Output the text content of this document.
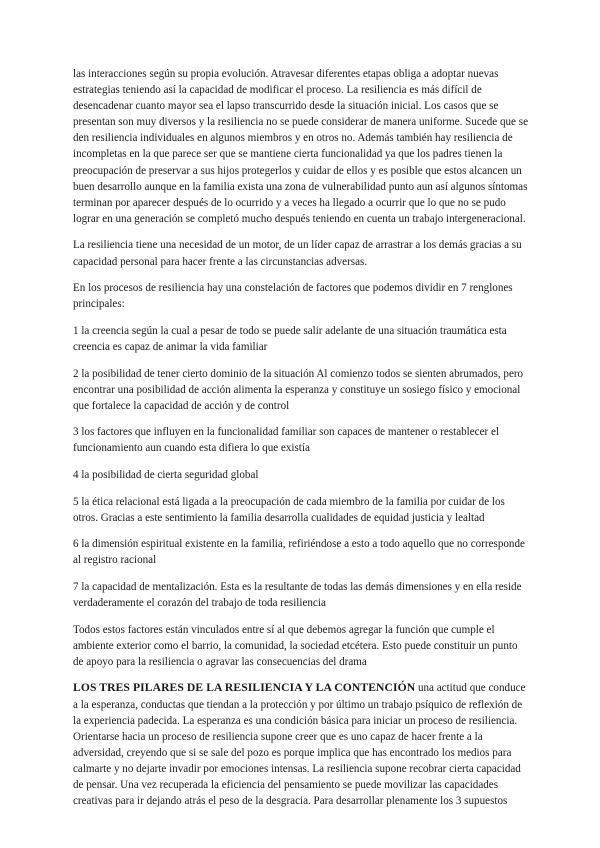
las interacciones según su propia evolución. Atravesar diferentes etapas obliga a adoptar nuevas estrategias teniendo así la capacidad de modificar el proceso. La resiliencia es más difícil de desencadenar cuanto mayor sea el lapso transcurrido desde la situación inicial. Los casos que se presentan son muy diversos y la resiliencia no se puede considerar de manera uniforme. Sucede que se den resiliencia individuales en algunos miembros y en otros no. Además también hay resiliencia de incompletas en la que parece ser que se mantiene cierta funcionalidad ya que los padres tienen la preocupación de preservar a sus hijos protegerlos y cuidar de ellos y es posible que estos alcancen un buen desarrollo aunque en la familia exista una zona de vulnerabilidad punto aun así algunos síntomas terminan por aparecer después de lo ocurrido y a veces ha llegado a ocurrir que lo que no se pudo lograr en una generación se completó mucho después teniendo en cuenta un trabajo intergeneracional.

La resiliencia tiene una necesidad de un motor, de un líder capaz de arrastrar a los demás gracias a su capacidad personal para hacer frente a las circunstancias adversas.

En los procesos de resiliencia hay una constelación de factores que podemos dividir en 7 renglones principales:

1 la creencia según la cual a pesar de todo se puede salir adelante de una situación traumática esta creencia es capaz de animar la vida familiar

2 la posibilidad de tener cierto dominio de la situación Al comienzo todos se sienten abrumados, pero encontrar una posibilidad de acción alimenta la esperanza y constituye un sosiego físico y emocional que fortalece la capacidad de acción y de control

3 los factores que influyen en la funcionalidad familiar son capaces de mantener o restablecer el funcionamiento aun cuando esta difiera lo que existía

4 la posibilidad de cierta seguridad global

5 la ética relacional está ligada a la preocupación de cada miembro de la familia por cuidar de los otros. Gracias a este sentimiento la familia desarrolla cualidades de equidad justicia y lealtad

6 la dimensión espiritual existente en la familia, refiriéndose a esto a todo aquello que no corresponde al registro racional

7 la capacidad de mentalización. Esta es la resultante de todas las demás dimensiones y en ella reside verdaderamente el corazón del trabajo de toda resiliencia

Todos estos factores están vinculados entre sí al que debemos agregar la función que cumple el ambiente exterior como el barrio, la comunidad, la sociedad etcétera. Esto puede constituir un punto de apoyo para la resiliencia o agravar las consecuencias del drama

LOS TRES PILARES DE LA RESILIENCIA Y LA CONTENCIÓN una actitud que conduce a la esperanza, conductas que tiendan a la protección y por último un trabajo psíquico de reflexión de la experiencia padecida. La esperanza es una condición básica para iniciar un proceso de resiliencia. Orientarse hacia un proceso de resiliencia supone creer que es uno capaz de hacer frente a la adversidad, creyendo que si se sale del pozo es porque implica que has encontrado los medios para calmarte y no dejarte invadir por emociones intensas. La resiliencia supone recobrar cierta capacidad de pensar. Una vez recuperada la eficiencia del pensamiento se puede movilizar las capacidades creativas para ir dejando atrás el peso de la desgracia. Para desarrollar plenamente los 3 supuestos
